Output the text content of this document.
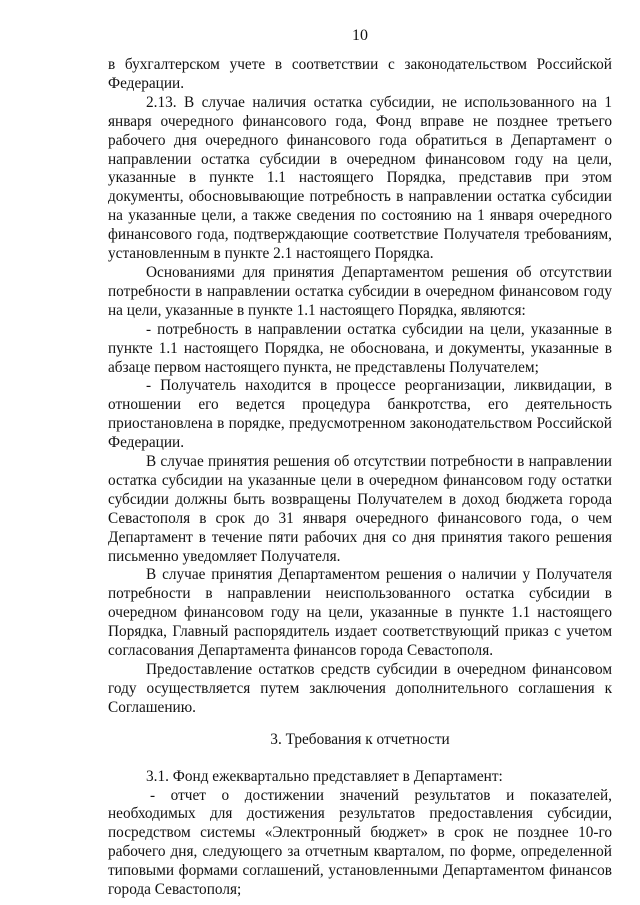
10

в бухгалтерском учете в соответствии с законодательством Российской Федерации.

2.13. В случае наличия остатка субсидии, не использованного на 1 января очередного финансового года, Фонд вправе не позднее третьего рабочего дня очередного финансового года обратиться в Департамент о направлении остатка субсидии в очередном финансовом году на цели, указанные в пункте 1.1 настоящего Порядка, представив при этом документы, обосновывающие потребность в направлении остатка субсидии на указанные цели, а также сведения по состоянию на 1 января очередного финансового года, подтверждающие соответствие Получателя требованиям, установленным в пункте 2.1 настоящего Порядка.

Основаниями для принятия Департаментом решения об отсутствии потребности в направлении остатка субсидии в очередном финансовом году на цели, указанные в пункте 1.1 настоящего Порядка, являются:

- потребность в направлении остатка субсидии на цели, указанные в пункте 1.1 настоящего Порядка, не обоснована, и документы, указанные в абзаце первом настоящего пункта, не представлены Получателем;

- Получатель находится в процессе реорганизации, ликвидации, в отношении его ведется процедура банкротства, его деятельность приостановлена в порядке, предусмотренном законодательством Российской Федерации.

В случае принятия решения об отсутствии потребности в направлении остатка субсидии на указанные цели в очередном финансовом году остатки субсидии должны быть возвращены Получателем в доход бюджета города Севастополя в срок до 31 января очередного финансового года, о чем Департамент в течение пяти рабочих дня со дня принятия такого решения письменно уведомляет Получателя.

В случае принятия Департаментом решения о наличии у Получателя потребности в направлении неиспользованного остатка субсидии в очередном финансовом году на цели, указанные в пункте 1.1 настоящего Порядка, Главный распорядитель издает соответствующий приказ с учетом согласования Департамента финансов города Севастополя.

Предоставление остатков средств субсидии в очередном финансовом году осуществляется путем заключения дополнительного соглашения к Соглашению.

3. Требования к отчетности

3.1. Фонд ежеквартально представляет в Департамент:

- отчет о достижении значений результатов и показателей, необходимых для достижения результатов предоставления субсидии, посредством системы «Электронный бюджет» в срок не позднее 10-го рабочего дня, следующего за отчетным кварталом, по форме, определенной типовыми формами соглашений, установленными Департаментом финансов города Севастополя;
